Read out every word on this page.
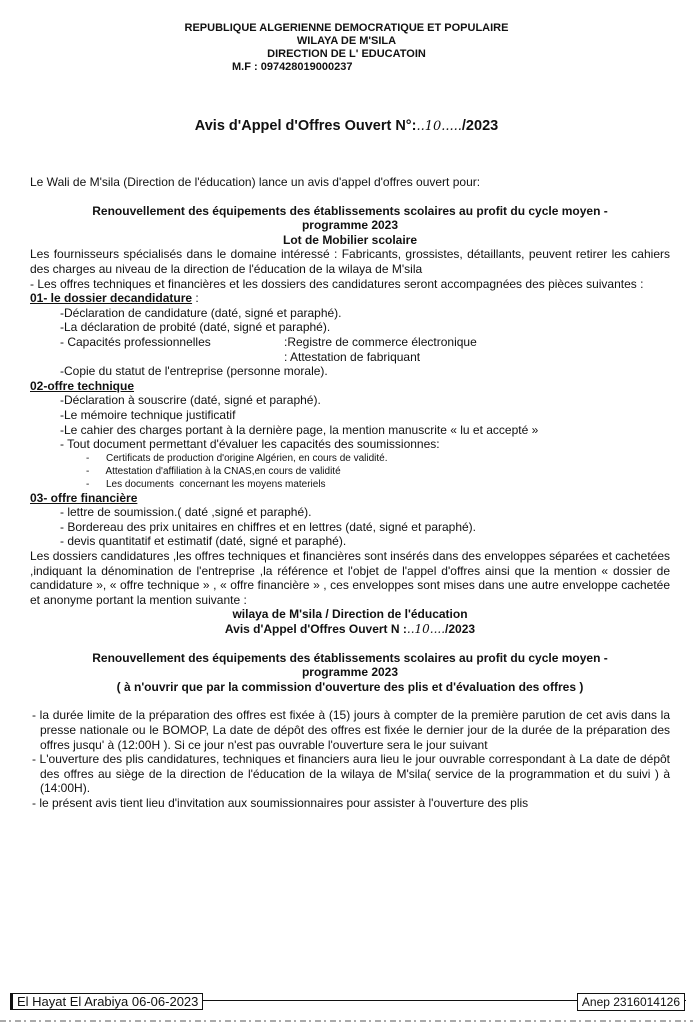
REPUBLIQUE ALGERIENNE DEMOCRATIQUE ET POPULAIRE
WILAYA DE M'SILA
DIRECTION DE L' EDUCATOIN
M.F : 097428019000237
Avis d'Appel d'Offres Ouvert N°:..10...../2023
Le Wali de M'sila (Direction de l'éducation) lance un avis d'appel d'offres ouvert pour:
Renouvellement des équipements des établissements scolaires au profit du cycle moyen -
programme 2023
Lot de Mobilier scolaire
Les fournisseurs spécialisés dans le domaine intéressé : Fabricants, grossistes, détaillants, peuvent retirer les cahiers des charges au niveau de la direction de l'éducation de la wilaya de M'sila
- Les offres techniques et financières et les dossiers des candidatures seront accompagnées des pièces suivantes :
01- le dossier decandidature :
-Déclaration de candidature (daté, signé et paraphé).
-La déclaration de probité (daté, signé et paraphé).
- Capacités professionnelles	:Registre de commerce électronique
: Attestation de fabriquant
-Copie du statut de l'entreprise (personne morale).
02-offre technique
-Déclaration à souscrire (daté, signé et paraphé).
-Le mémoire technique justificatif
-Le cahier des charges portant à la dernière page, la mention manuscrite « lu et accepté »
- Tout document permettant d'évaluer les capacités des soumissionnes:
-      Certificats de production d'origine Algérien, en cours de validité.
-      Attestation d'affiliation à la CNAS,en cours de validité
-      Les documents  concernant les moyens materiels
03- offre financière
- lettre de soumission.( daté ,signé et paraphé).
- Bordereau des prix unitaires en chiffres et en lettres (daté, signé et paraphé).
- devis quantitatif et estimatif (daté, signé et paraphé).
Les dossiers candidatures ,les offres techniques et financières sont insérés dans des enveloppes séparées et cachetées ,indiquant la dénomination de l'entreprise ,la référence et l'objet de l'appel d'offres ainsi que la mention « dossier de candidature », « offre technique » , « offre financière » , ces enveloppes sont mises dans une autre enveloppe cachetée et anonyme portant la mention suivante :
wilaya de M'sila / Direction de l'éducation
Avis d'Appel d'Offres Ouvert N :..10..../2023
Renouvellement des équipements des établissements scolaires au profit du cycle moyen -
programme 2023
( à n'ouvrir que par la commission d'ouverture des plis et d'évaluation des offres )
- la durée limite de la préparation des offres est fixée à (15) jours à compter de la première parution de cet avis dans la presse nationale ou le BOMOP, La date de dépôt des offres est fixée le dernier jour de la durée de la préparation des offres jusqu' à (12:00H ). Si ce jour n'est pas ouvrable l'ouverture sera le jour suivant
- L'ouverture des plis candidatures, techniques et financiers aura lieu le jour ouvrable correspondant à La date de dépôt des offres au siège de la direction de l'éducation de la wilaya de M'sila( service de la programmation et du suivi ) à (14:00H).
- le présent avis tient lieu d'invitation aux soumissionnaires pour assister à l'ouverture des plis
El Hayat El Arabiya 06-06-2023	Anep 2316014126
